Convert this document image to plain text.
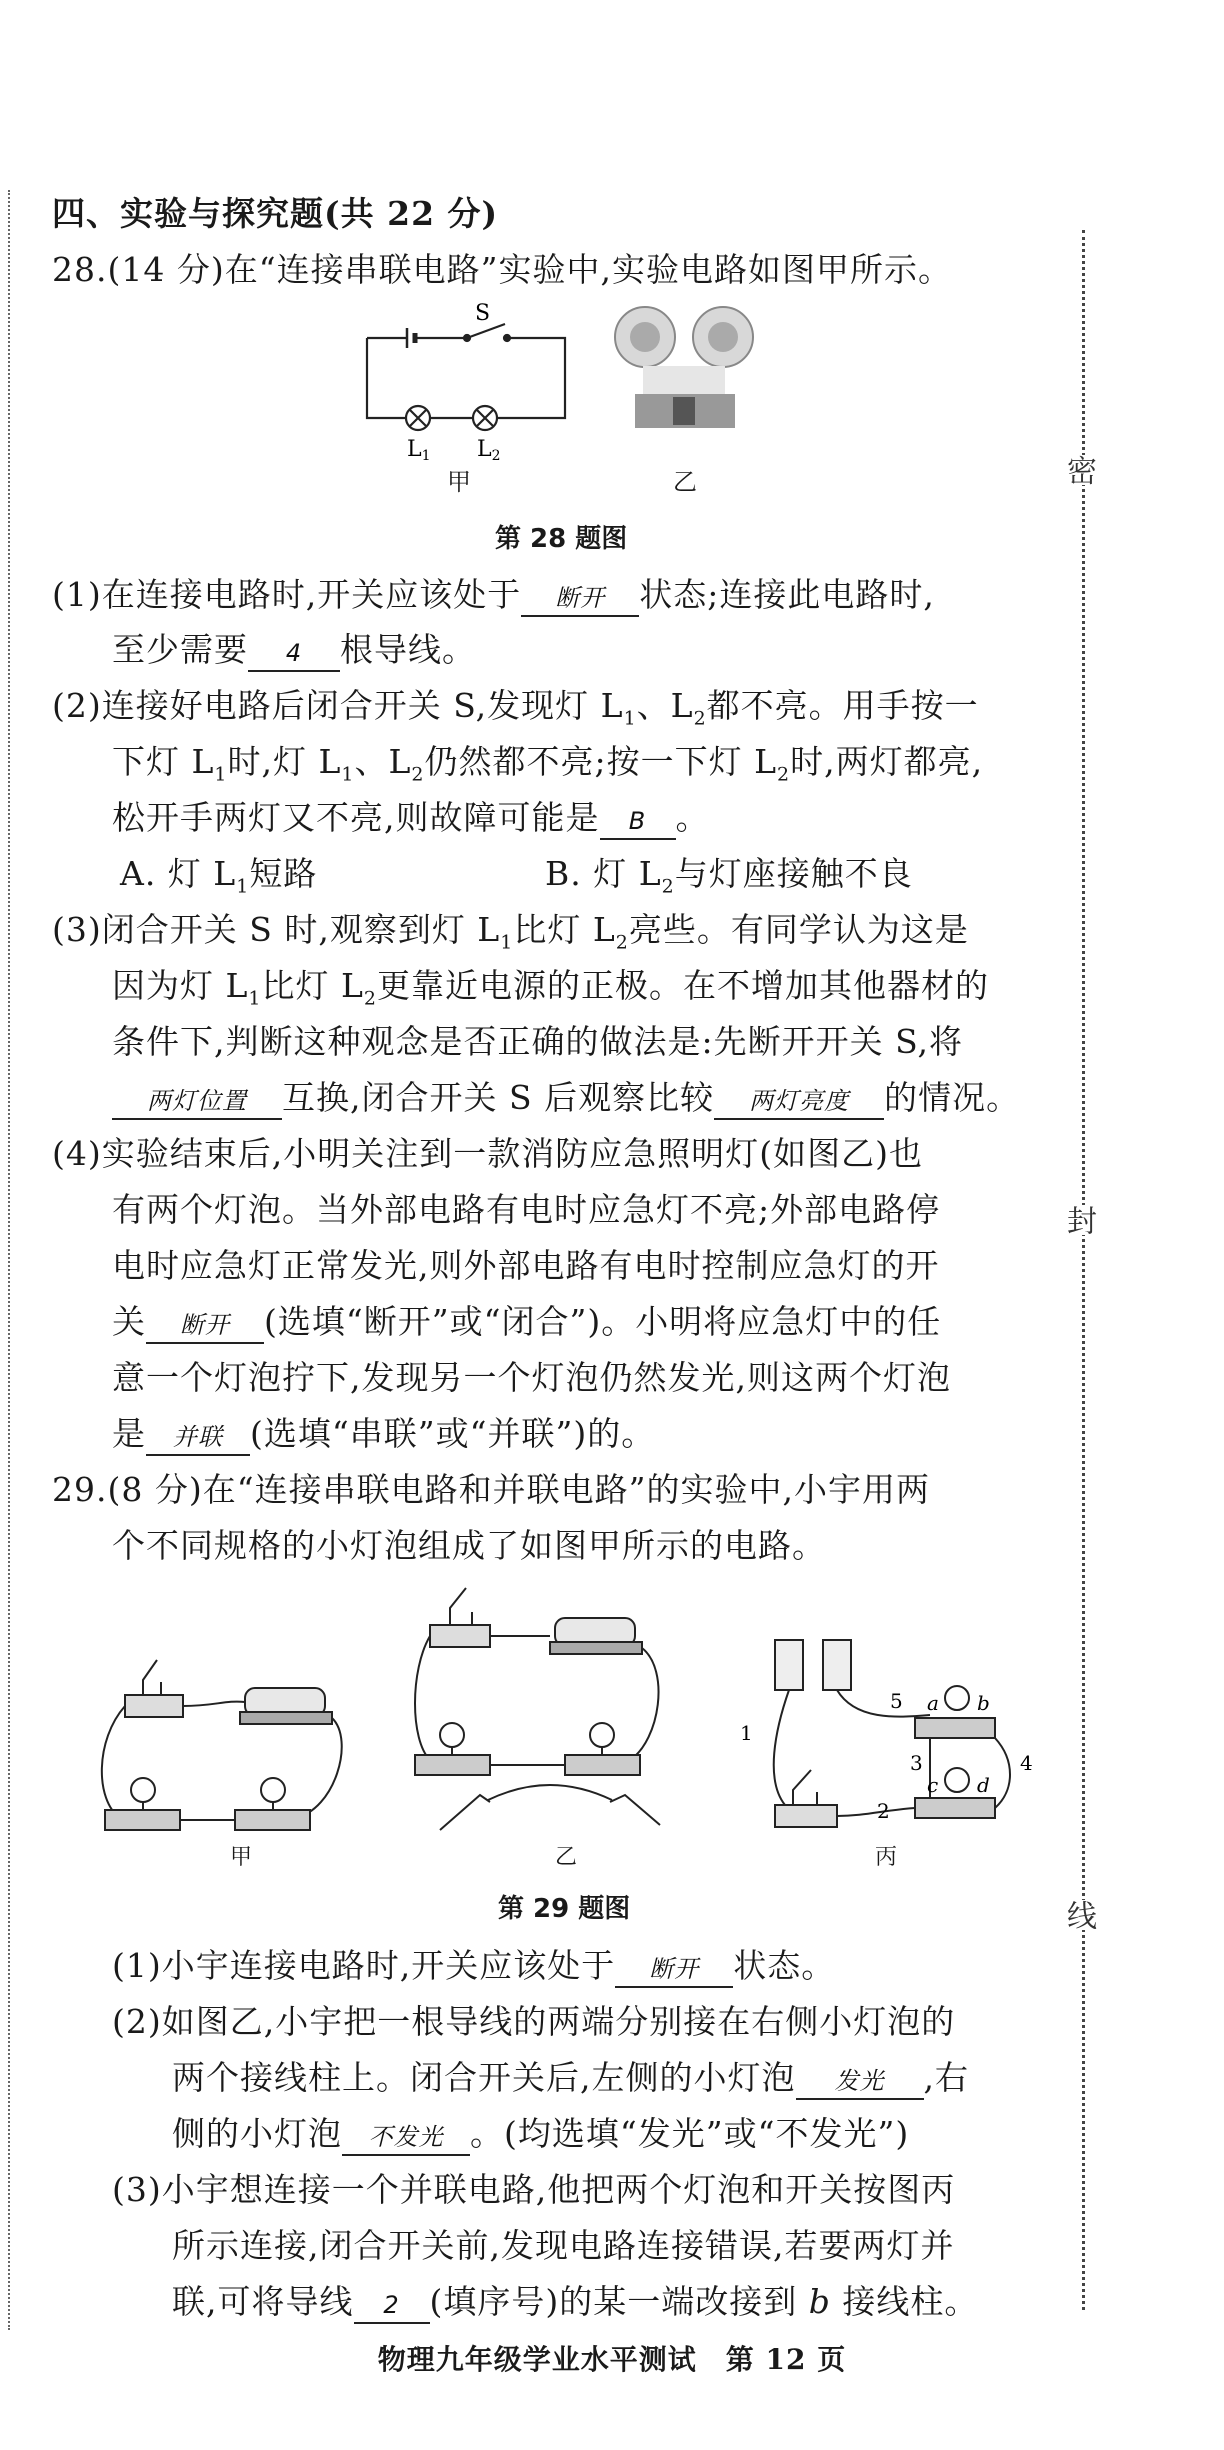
密
封
线
四、实验与探究题(共 22 分)
28.(14 分)在“连接串联电路”实验中,实验电路如图甲所示。
S
L1 L2
甲	乙
第 28 题图
(1)在连接电路时,开关应该处于 断开 状态;连接此电路时,
至少需要 4 根导线。
(2)连接好电路后闭合开关 S,发现灯 $L_1$、$L_2$都不亮。用手按一
下灯 $L_1$时,灯 $L_1$、$L_2$仍然都不亮;按一下灯 $L_2$时,两灯都亮,
松开手两灯又不亮,则故障可能是 B 。
A. 灯 $L_1$短路	B. 灯 $L_2$与灯座接触不良
(3)闭合开关 S 时,观察到灯 $L_1$比灯 $L_2$亮些。有同学认为这是
因为灯 $L_1$比灯 $L_2$更靠近电源的正极。在不增加其他器材的
条件下,判断这种观念是否正确的做法是:先断开开关 S,将
两灯位置 互换,闭合开关 S 后观察比较 两灯亮度 的情况。
(4)实验结束后,小明关注到一款消防应急照明灯(如图乙)也
有两个灯泡。当外部电路有电时应急灯不亮;外部电路停
电时应急灯正常发光,则外部电路有电时控制应急灯的开
关 断开 (选填“断开”或“闭合”)。小明将应急灯中的任
意一个灯泡拧下,发现另一个灯泡仍然发光,则这两个灯泡
是 并联 (选填“串联”或“并联”)的。
29.(8 分)在“连接串联电路和并联电路”的实验中,小宇用两
个不同规格的小灯泡组成了如图甲所示的电路。
甲	乙
1
2
3	4
5 a b
c d
丙
第 29 题图
(1)小宇连接电路时,开关应该处于 断开 状态。
(2)如图乙,小宇把一根导线的两端分别接在右侧小灯泡的
两个接线柱上。闭合开关后,左侧的小灯泡 发光 ,右
侧的小灯泡 不发光 。(均选填“发光”或“不发光”)
(3)小宇想连接一个并联电路,他把两个灯泡和开关按图丙
所示连接,闭合开关前,发现电路连接错误,若要两灯并
联,可将导线 2 (填序号)的某一端改接到 b 接线柱。
物理九年级学业水平测试　第 12 页
